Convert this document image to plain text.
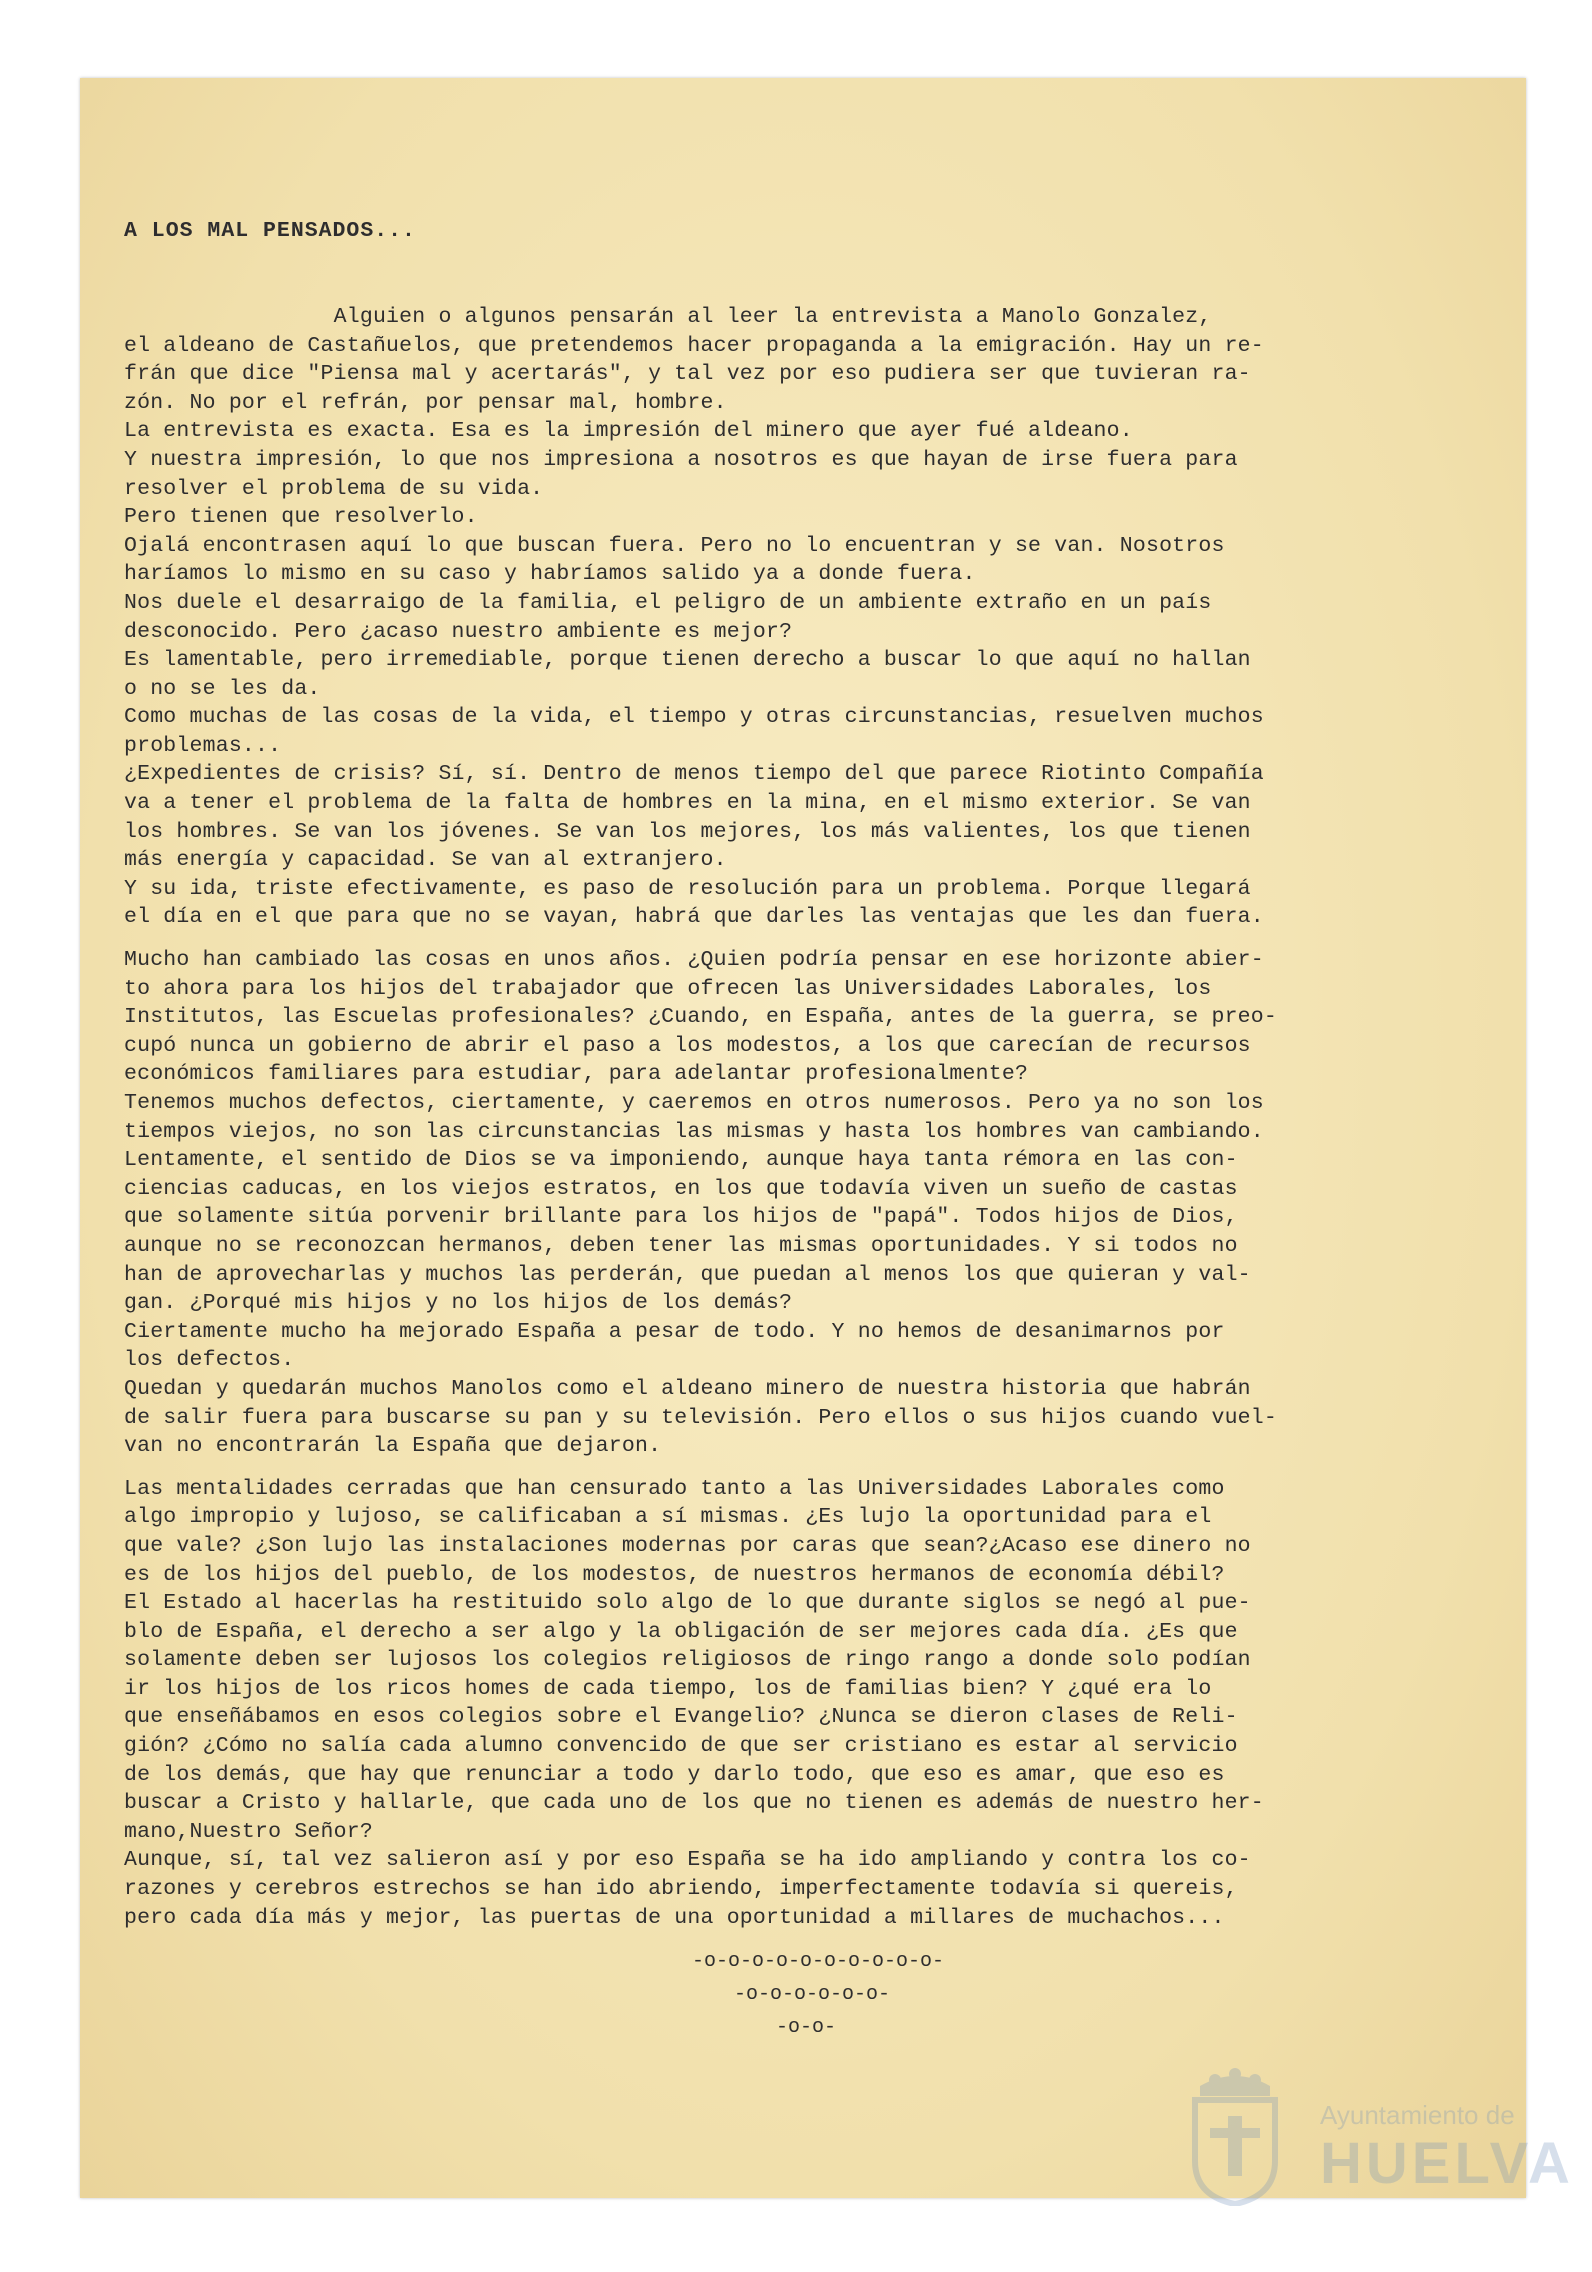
A LOS MAL PENSADOS...

Alguien o algunos pensarán al leer la entrevista a Manolo Gonzalez,
el aldeano de Castañuelos, que pretendemos hacer propaganda a la emigración. Hay un re-
frán que dice "Piensa mal y acertarás", y tal vez por eso pudiera ser que tuvieran ra-
zón. No por el refrán, por pensar mal, hombre.
La entrevista es exacta. Esa es la impresión del minero que ayer fué aldeano.
Y nuestra impresión, lo que nos impresiona a nosotros es que hayan de irse fuera para
resolver el problema de su vida.
Pero tienen que resolverlo.
Ojalá encontrasen aquí lo que buscan fuera. Pero no lo encuentran y se van. Nosotros
haríamos lo mismo en su caso y habríamos salido ya a donde fuera.
Nos duele el desarraigo de la familia, el peligro de un ambiente extraño en un país
desconocido. Pero ¿acaso nuestro ambiente es mejor?
Es lamentable, pero irremediable, porque tienen derecho a buscar lo que aquí no hallan
o no se les da.
Como muchas de las cosas de la vida, el tiempo y otras circunstancias, resuelven muchos
problemas...
¿Expedientes de crisis? Sí, sí. Dentro de menos tiempo del que parece Riotinto Compañía
va a tener el problema de la falta de hombres en la mina, en el mismo exterior. Se van
los hombres. Se van los jóvenes. Se van los mejores, los más valientes, los que tienen
más energía y capacidad. Se van al extranjero.
Y su ida, triste efectivamente, es paso de resolución para un problema. Porque llegará
el día en el que para que no se vayan, habrá que darles las ventajas que les dan fuera.
Mucho han cambiado las cosas en unos años. ¿Quien podría pensar en ese horizonte abier-
to ahora para los hijos del trabajador que ofrecen las Universidades Laborales, los
Institutos, las Escuelas profesionales? ¿Cuando, en España, antes de la guerra, se preo-
cupó nunca un gobierno de abrir el paso a los modestos, a los que carecían de recursos
económicos familiares para estudiar, para adelantar profesionalmente?
Tenemos muchos defectos, ciertamente, y caeremos en otros numerosos. Pero ya no son los
tiempos viejos, no son las circunstancias las mismas y hasta los hombres van cambiando.
Lentamente, el sentido de Dios se va imponiendo, aunque haya tanta rémora en las con-
ciencias caducas, en los viejos estratos, en los que todavía viven un sueño de castas
que solamente sitúa porvenir brillante para los hijos de "papá". Todos hijos de Dios,
aunque no se reconozcan hermanos, deben tener las mismas oportunidades. Y si todos no
han de aprovecharlas y muchos las perderán, que puedan al menos los que quieran y val-
gan. ¿Porqué mis hijos y no los hijos de los demás?
Ciertamente mucho ha mejorado España a pesar de todo. Y no hemos de desanimarnos por
los defectos.
Quedan y quedarán muchos Manolos como el aldeano minero de nuestra historia que habrán
de salir fuera para buscarse su pan y su televisión. Pero ellos o sus hijos cuando vuel-
van no encontrarán la España que dejaron.
Las mentalidades cerradas que han censurado tanto a las Universidades Laborales como
algo impropio y lujoso, se calificaban a sí mismas. ¿Es lujo la oportunidad para el
que vale? ¿Son lujo las instalaciones modernas por caras que sean?¿Acaso ese dinero no
es de los hijos del pueblo, de los modestos, de nuestros hermanos de economía débil?
El Estado al hacerlas ha restituido solo algo de lo que durante siglos se negó al pue-
blo de España, el derecho a ser algo y la obligación de ser mejores cada día. ¿Es que
solamente deben ser lujosos los colegios religiosos de ringo rango a donde solo podían
ir los hijos de los ricos homes de cada tiempo, los de familias bien? Y ¿qué era lo
que enseñábamos en esos colegios sobre el Evangelio? ¿Nunca se dieron clases de Reli-
gión? ¿Cómo no salía cada alumno convencido de que ser cristiano es estar al servicio
de los demás, que hay que renunciar a todo y darlo todo, que eso es amar, que eso es
buscar a Cristo y hallarle, que cada uno de los que no tienen es además de nuestro her-
mano,Nuestro Señor?
Aunque, sí, tal vez salieron así y por eso España se ha ido ampliando y contra los co-
razones y cerebros estrechos se han ido abriendo, imperfectamente todavía si quereis,
pero cada día más y mejor, las puertas de una oportunidad a millares de muchachos...

-o-o-o-o-o-o-o-o-o-o-
-o-o-o-o-o-o-
-o-o-
Ayuntamiento de
HUELVA
